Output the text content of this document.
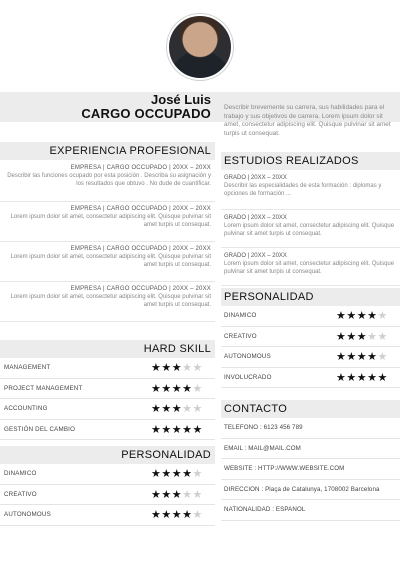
José Luis
CARGO OCCUPADO
EXPERIENCIA PROFESIONAL
EMPRESA | CARGO OCCUPADO | 20XX – 20XX
Describir las funciones ocupado por esta posición . Describa su asignación y los resultados que obtuvo . No dude de cuantificar.
EMPRESA | CARGO OCCUPADO | 20XX – 20XX
Lorem ipsum dolor sit amet, consectetur adipiscing elit. Quisque pulvinar sit amet turpis ut consequat.
EMPRESA | CARGO OCCUPADO | 20XX – 20XX
Lorem ipsum dolor sit amet, consectetur adipiscing elit. Quisque pulvinar sit amet turpis ut consequat.
EMPRESA | CARGO OCCUPADO | 20XX – 20XX
Lorem ipsum dolor sit amet, consectetur adipiscing elit. Quisque pulvinar sit amet turpis ut consequat.
HARD SKILL
MANAGEMENT	★★★★★
PROJECT MANAGEMENT	★★★★★
ACCOUNTING	★★★★★
GESTIÓN DEL CAMBIO	★★★★★
PERSONALIDAD
DINAMICO	★★★★★
CREATIVO	★★★★★
AUTONOMOUS	★★★★★
Describir brevemente su carrera, sus habilidades para el trabajo y sus objetivos de carrera. Lorem ipsum dolor sit amet, consectetur adipiscing elit. Quisque pulvinar sit amet turpis ut consequat.
ESTUDIOS REALIZADOS
GRADO | 20XX – 20XX
Describir las especialidades de esta formación : diplomas y opciones de formación ...
GRADO | 20XX – 20XX
Lorem ipsum dolor sit amet, consectetur adipiscing elit. Quisque pulvinar sit amet turpis ut consequat.
GRADO | 20XX – 20XX
Lorem ipsum dolor sit amet, consectetur adipiscing elit. Quisque pulvinar sit amet turpis ut consequat.
PERSONALIDAD
DINAMICO	★★★★★
CREATIVO	★★★★★
AUTONOMOUS	★★★★★
INVOLUCRADO	★★★★★
CONTACTO
TELEFONO : 6123 456 789
EMAIL : MAIL@MAIL.COM
WEBSITE : HTTP://WWW.WEBSITE.COM
DIRECCION : Plaça de Catalunya, 1708002 Barcelona
NATIONALIDAD : ESPANOL
